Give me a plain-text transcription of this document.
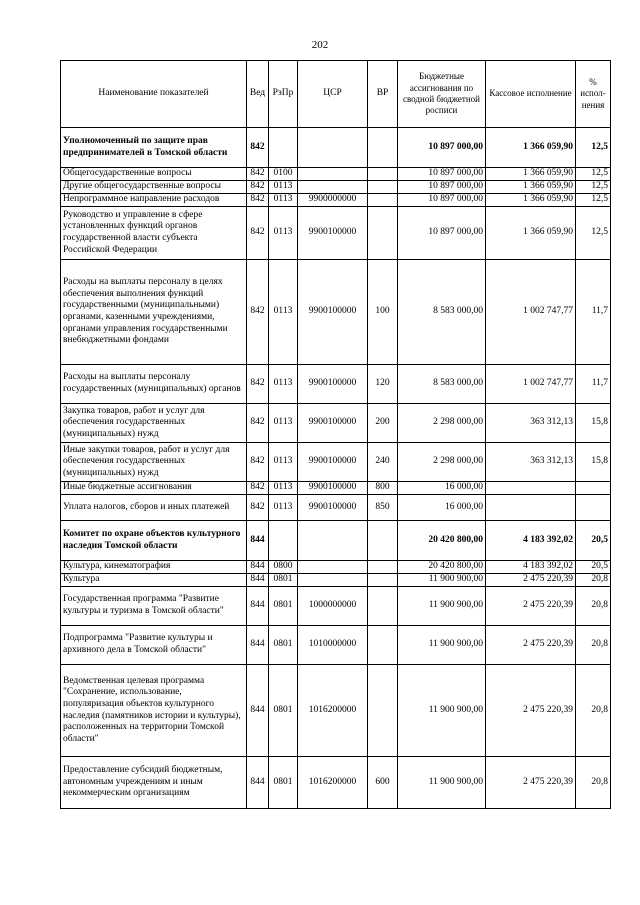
202
Наименование показателей	Вед	РзПр	ЦСР	ВР	Бюджетные ассигнования по сводной бюджетной росписи	Кассовое исполнение	% испол-нения
Уполномоченный по защите прав предпринимателей в Томской области	842				10 897 000,00	1 366 059,90	12,5
Общегосударственные вопросы	842	0100			10 897 000,00	1 366 059,90	12,5
Другие общегосударственные вопросы	842	0113			10 897 000,00	1 366 059,90	12,5
Непрограммное направление расходов	842	0113	9900000000		10 897 000,00	1 366 059,90	12,5
Руководство и управление в сфере установленных функций органов государственной власти субъекта Российской Федерации	842	0113	9900100000		10 897 000,00	1 366 059,90	12,5
Расходы на выплаты персоналу в целях обеспечения выполнения функций государственными (муниципальными) органами, казенными учреждениями, органами управления государственными внебюджетными фондами	842	0113	9900100000	100	8 583 000,00	1 002 747,77	11,7
Расходы на выплаты персоналу государственных (муниципальных) органов	842	0113	9900100000	120	8 583 000,00	1 002 747,77	11,7
Закупка товаров, работ и услуг для обеспечения государственных (муниципальных) нужд	842	0113	9900100000	200	2 298 000,00	363 312,13	15,8
Иные закупки товаров, работ и услуг для обеспечения государственных (муниципальных) нужд	842	0113	9900100000	240	2 298 000,00	363 312,13	15,8
Иные бюджетные ассигнования	842	0113	9900100000	800	16 000,00		
Уплата налогов, сборов и иных платежей	842	0113	9900100000	850	16 000,00		
Комитет по охране объектов культурного наследия Томской области	844				20 420 800,00	4 183 392,02	20,5
Культура, кинематография	844	0800			20 420 800,00	4 183 392,02	20,5
Культура	844	0801			11 900 900,00	2 475 220,39	20,8
Государственная программа "Развитие культуры и туризма в Томской области"	844	0801	1000000000		11 900 900,00	2 475 220,39	20,8
Подпрограмма "Развитие культуры и архивного дела в Томской области"	844	0801	1010000000		11 900 900,00	2 475 220,39	20,8
Ведомственная целевая программа "Сохранение, использование, популяризация объектов культурного наследия (памятников истории и культуры), расположенных на территории Томской области"	844	0801	1016200000		11 900 900,00	2 475 220,39	20,8
Предоставление субсидий бюджетным, автономным учреждениям и иным некоммерческим организациям	844	0801	1016200000	600	11 900 900,00	2 475 220,39	20,8
